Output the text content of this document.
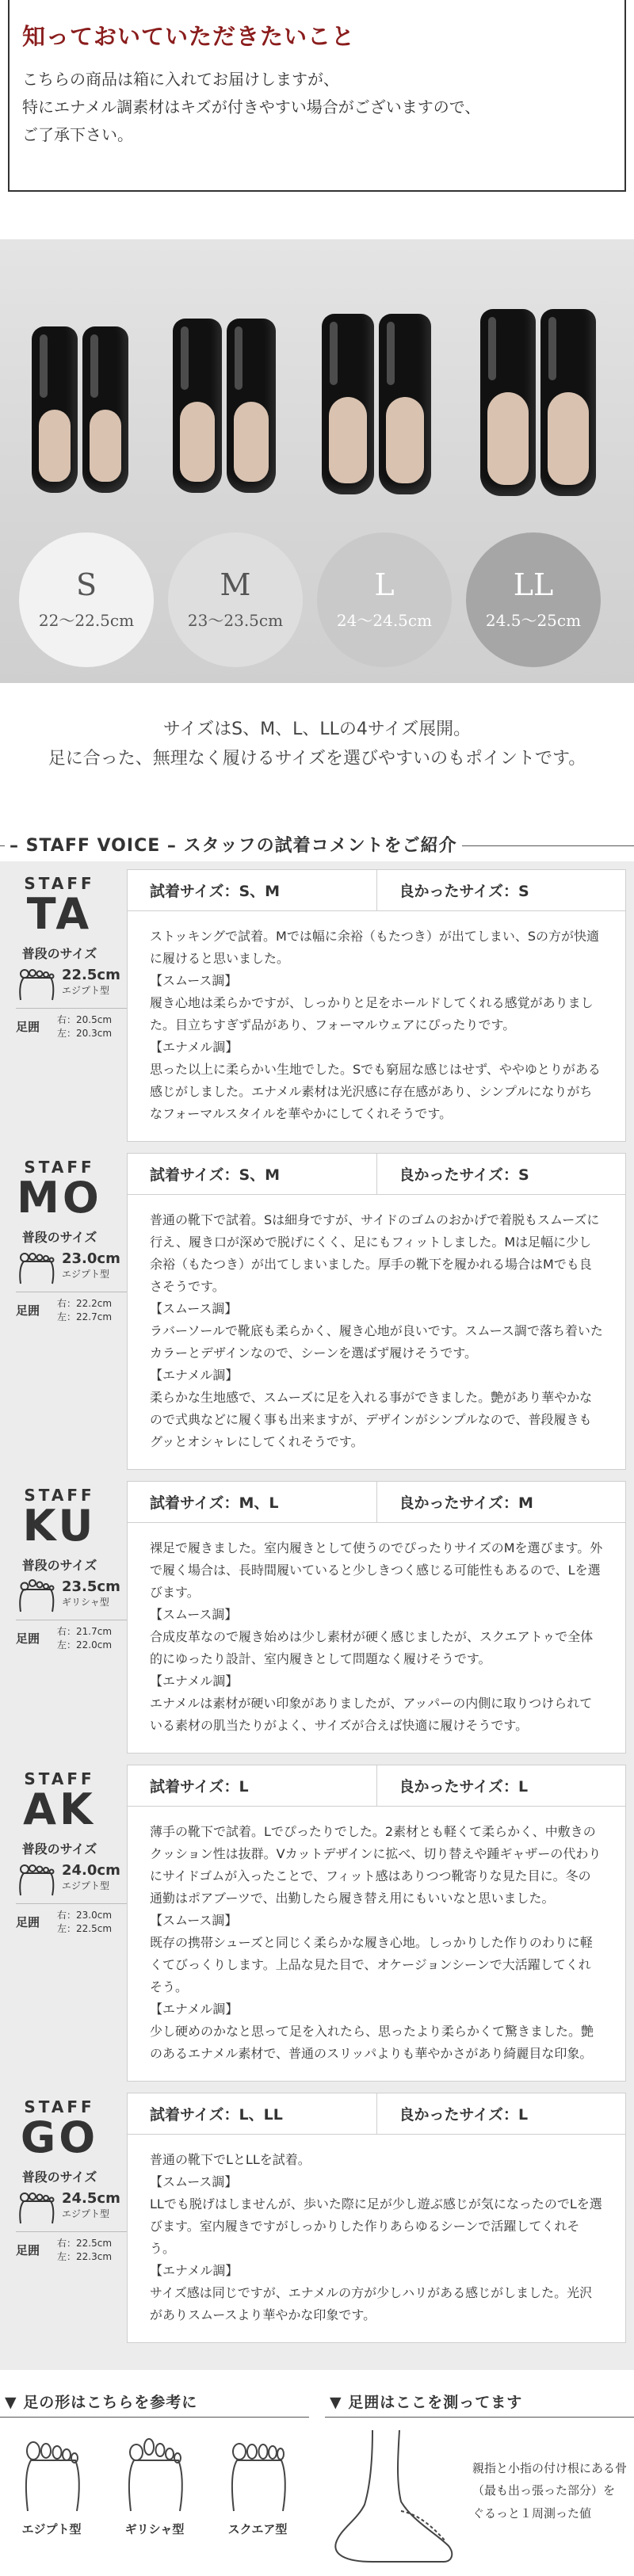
知っておいていただきたいこと

こちらの商品は箱に入れてお届けしますが、

特にエナメル調素材はキズが付きやすい場合がございますので、

ご了承下さい。

S
22〜22.5cm
M
23〜23.5cm
L
24〜24.5cm
LL
24.5〜25cm

サイズはS、M、L、LLの4サイズ展開。

足に合った、無理なく履けるサイズを選びやすいのもポイントです。

– STAFF VOICE – スタッフの試着コメントをご紹介
STAFF
TA
普段のサイズ
22.5cm
エジプト型
足囲
右：20.5cm
左：20.3cm
試着サイズ：S、M	良かったサイズ：S

ストッキングで試着。Mでは幅に余裕（もたつき）が出てしまい、Sの方が快適に履けると思いました。
【スムース調】
履き心地は柔らかですが、しっかりと足をホールドしてくれる感覚がありました。目立ちすぎず品があり、フォーマルウェアにぴったりです。
【エナメル調】
思った以上に柔らかい生地でした。Sでも窮屈な感じはせず、ややゆとりがある感じがしました。エナメル素材は光沢感に存在感があり、シンプルになりがちなフォーマルスタイルを華やかにしてくれそうです。

STAFF
MO
普段のサイズ
23.0cm
エジプト型
足囲
右：22.2cm
左：22.7cm
試着サイズ：S、M	良かったサイズ：S

普通の靴下で試着。Sは細身ですが、サイドのゴムのおかげで着脱もスムーズに行え、履き口が深めで脱げにくく、足にもフィットしました。Mは足幅に少し余裕（もたつき）が出てしまいました。厚手の靴下を履かれる場合はMでも良さそうです。
【スムース調】
ラバーソールで靴底も柔らかく、履き心地が良いです。スムース調で落ち着いたカラーとデザインなので、シーンを選ばず履けそうです。
【エナメル調】
柔らかな生地感で、スムーズに足を入れる事ができました。艶があり華やかなので式典などに履く事も出来ますが、デザインがシンプルなので、普段履きもグッとオシャレにしてくれそうです。

STAFF
KU
普段のサイズ
23.5cm
ギリシャ型
足囲
右：21.7cm
左：22.0cm
試着サイズ：M、L	良かったサイズ：M

裸足で履きました。室内履きとして使うのでぴったりサイズのMを選びます。外で履く場合は、長時間履いていると少しきつく感じる可能性もあるので、Lを選びます。
【スムース調】
合成皮革なので履き始めは少し素材が硬く感じましたが、スクエアトゥで全体的にゆったり設計、室内履きとして問題なく履けそうです。
【エナメル調】
エナメルは素材が硬い印象がありましたが、アッパーの内側に取りつけられている素材の肌当たりがよく、サイズが合えば快適に履けそうです。

STAFF
AK
普段のサイズ
24.0cm
エジプト型
足囲
右：23.0cm
左：22.5cm
試着サイズ：L	良かったサイズ：L

薄手の靴下で試着。Lでぴったりでした。2素材とも軽くて柔らかく、中敷きのクッション性は抜群。Vカットデザインに拡べ、切り替えや踵ギャザーの代わりにサイドゴムが入ったことで、フィット感はありつつ靴寄りな見た目に。冬の通勤はポアブーツで、出勤したら履き替え用にもいいなと思いました。
【スムース調】
既存の携帯シューズと同じく柔らかな履き心地。しっかりした作りのわりに軽くてびっくりします。上品な見た目で、オケージョンシーンで大活躍してくれそう。
【エナメル調】
少し硬めのかなと思って足を入れたら、思ったより柔らかくて驚きました。艶のあるエナメル素材で、普通のスリッパよりも華やかさがあり綺麗目な印象。

STAFF
GO
普段のサイズ
24.5cm
エジプト型
足囲
右：22.5cm
左：22.3cm
試着サイズ：L、LL	良かったサイズ：L

普通の靴下でLとLLを試着。
【スムース調】
LLでも脱げはしませんが、歩いた際に足が少し遊ぶ感じが気になったのでLを選びます。室内履きですがしっかりした作りあらゆるシーンで活躍してくれそう。
【エナメル調】
サイズ感は同じですが、エナメルの方が少しハリがある感じがしました。光沢がありスムースより華やかな印象です。

▼ 足の形はこちらを参考に
エジプト型	ギリシャ型	スクエア型
▼ 足囲はここを測ってます

親指と小指の付け根にある骨

（最も出っ張った部分）を

ぐるっと１周測った値
